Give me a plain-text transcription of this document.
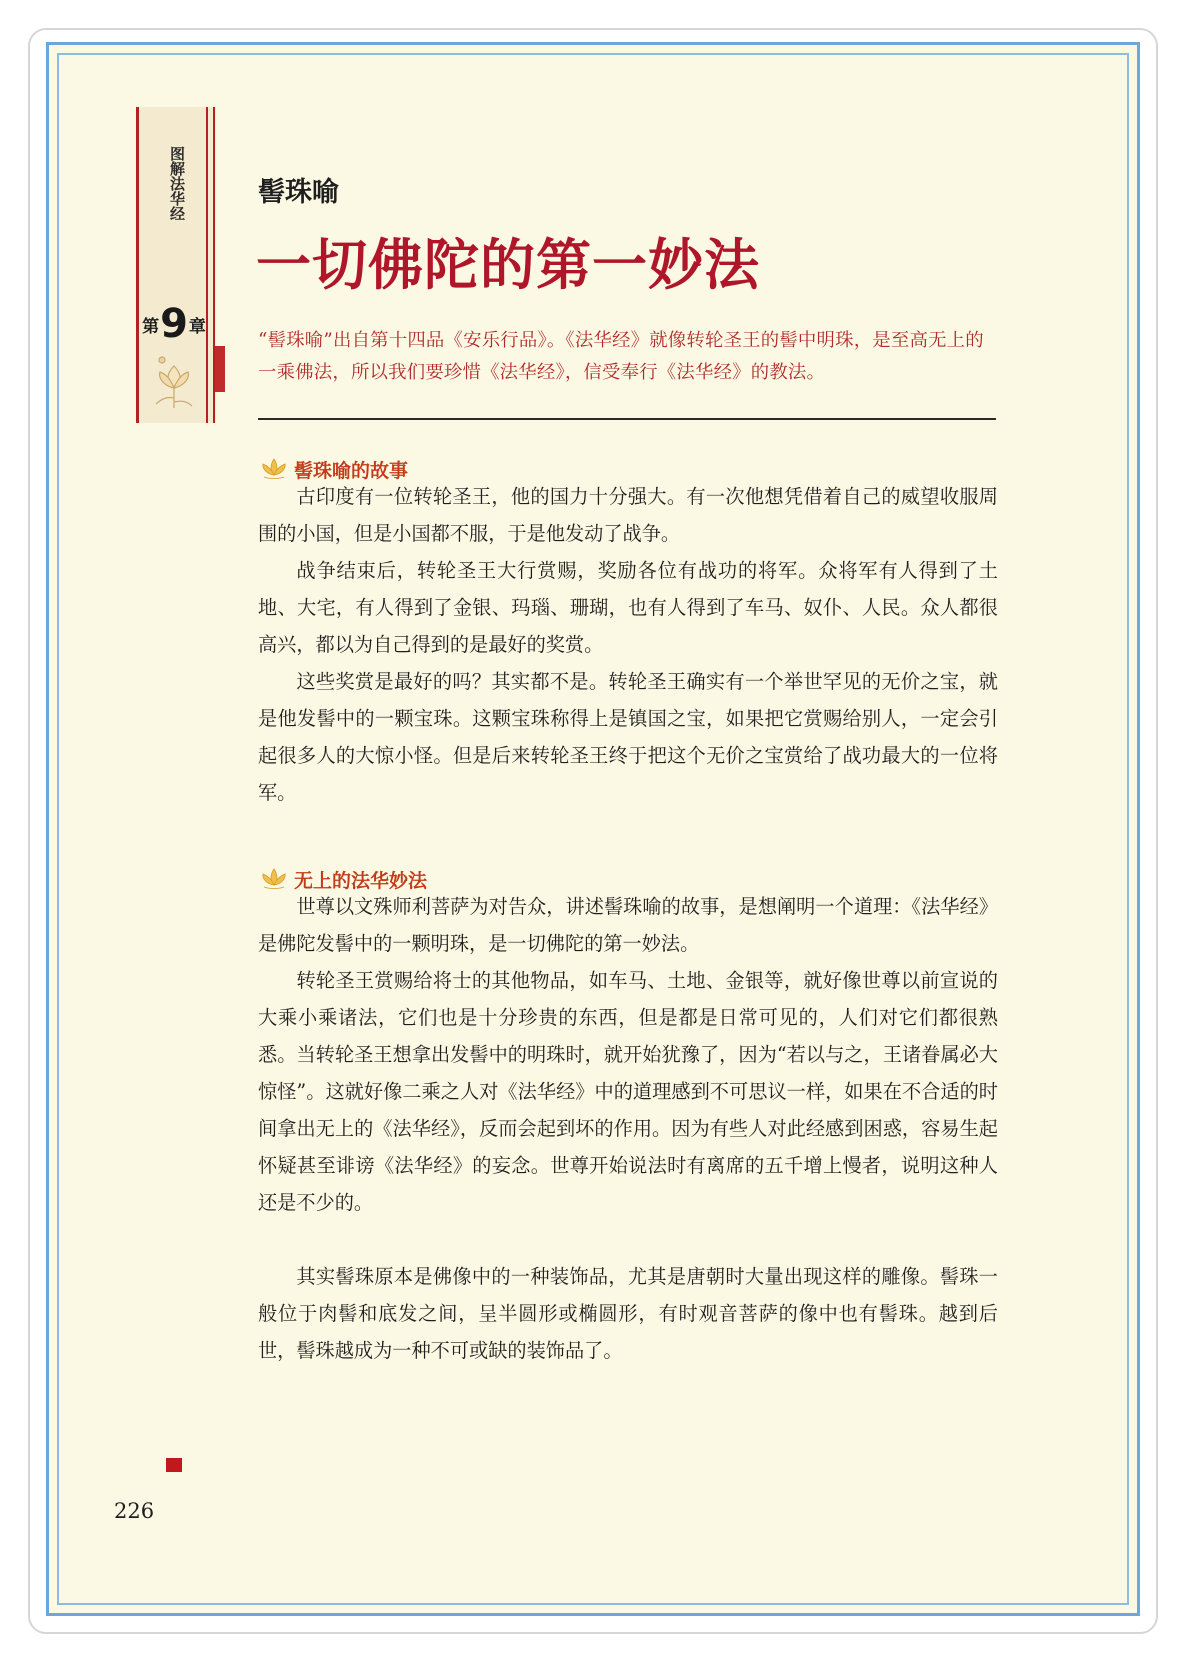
图解法华经
第 9 章
髻珠喻
一切佛陀的第一妙法
“髻珠喻”出自第十四品《安乐行品》。《法华经》就像转轮圣王的髻中明珠，是至高无上的一乘佛法，所以我们要珍惜《法华经》，信受奉行《法华经》的教法。
髻珠喻的故事

古印度有一位转轮圣王，他的国力十分强大。有一次他想凭借着自己的威望收服周围的小国，但是小国都不服，于是他发动了战争。

战争结束后，转轮圣王大行赏赐，奖励各位有战功的将军。众将军有人得到了土地、大宅，有人得到了金银、玛瑙、珊瑚，也有人得到了车马、奴仆、人民。众人都很高兴，都以为自己得到的是最好的奖赏。

这些奖赏是最好的吗？其实都不是。转轮圣王确实有一个举世罕见的无价之宝，就是他发髻中的一颗宝珠。这颗宝珠称得上是镇国之宝，如果把它赏赐给别人，一定会引起很多人的大惊小怪。但是后来转轮圣王终于把这个无价之宝赏给了战功最大的一位将军。

无上的法华妙法

世尊以文殊师利菩萨为对告众，讲述髻珠喻的故事，是想阐明一个道理：《法华经》是佛陀发髻中的一颗明珠，是一切佛陀的第一妙法。

转轮圣王赏赐给将士的其他物品，如车马、土地、金银等，就好像世尊以前宣说的大乘小乘诸法，它们也是十分珍贵的东西，但是都是日常可见的，人们对它们都很熟悉。当转轮圣王想拿出发髻中的明珠时，就开始犹豫了，因为“若以与之，王诸眷属必大惊怪”。这就好像二乘之人对《法华经》中的道理感到不可思议一样，如果在不合适的时间拿出无上的《法华经》，反而会起到坏的作用。因为有些人对此经感到困惑，容易生起怀疑甚至诽谤《法华经》的妄念。世尊开始说法时有离席的五千增上慢者，说明这种人还是不少的。

其实髻珠原本是佛像中的一种装饰品，尤其是唐朝时大量出现这样的雕像。髻珠一般位于肉髻和底发之间，呈半圆形或椭圆形，有时观音菩萨的像中也有髻珠。越到后世，髻珠越成为一种不可或缺的装饰品了。

226
